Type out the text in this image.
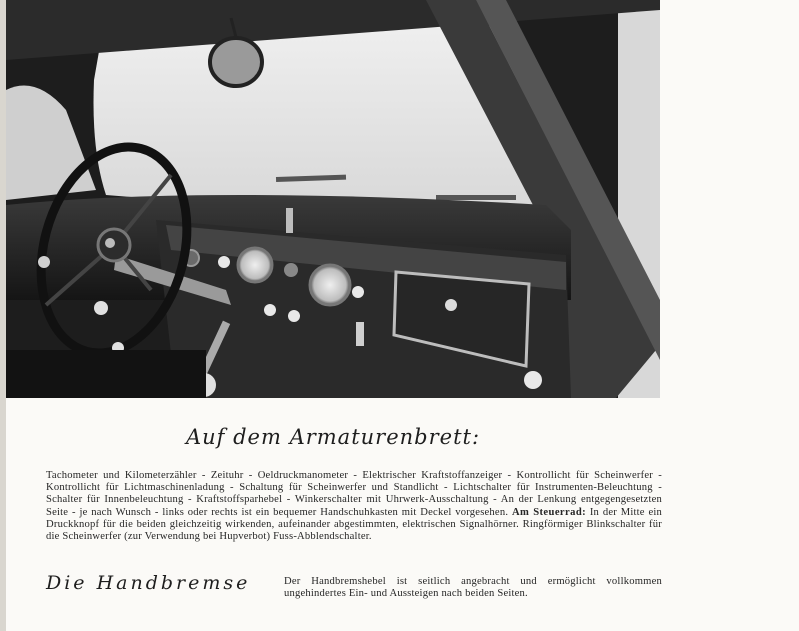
Auf dem Armaturenbrett:

Tachometer und Kilometerzähler - Zeituhr - Oeldruckmanometer - Elektrischer Kraftstoffanzeiger - Kontrollicht für Scheinwerfer - Kontrollicht für Lichtmaschinenladung - Schaltung für Scheinwerfer und Standlicht - Lichtschalter für Instrumenten-Beleuchtung - Schalter für Innenbeleuchtung - Kraftstoffsparhebel - Winkerschalter mit Uhrwerk-Ausschaltung - An der Lenkung entgegengesetzten Seite - je nach Wunsch - links oder rechts ist ein bequemer Handschuhkasten mit Deckel vorgesehen. Am Steuerrad: In der Mitte ein Druckknopf für die beiden gleichzeitig wirkenden, aufeinander abgestimmten, elektrischen Signalhörner. Ringförmiger Blinkschalter für die Scheinwerfer (zur Verwendung bei Hupverbot) Fuss-Abblendschalter.

Die Handbremse	Der Handbremshebel ist seitlich angebracht und ermöglicht vollkommen ungehindertes Ein- und Aussteigen nach beiden Seiten.
